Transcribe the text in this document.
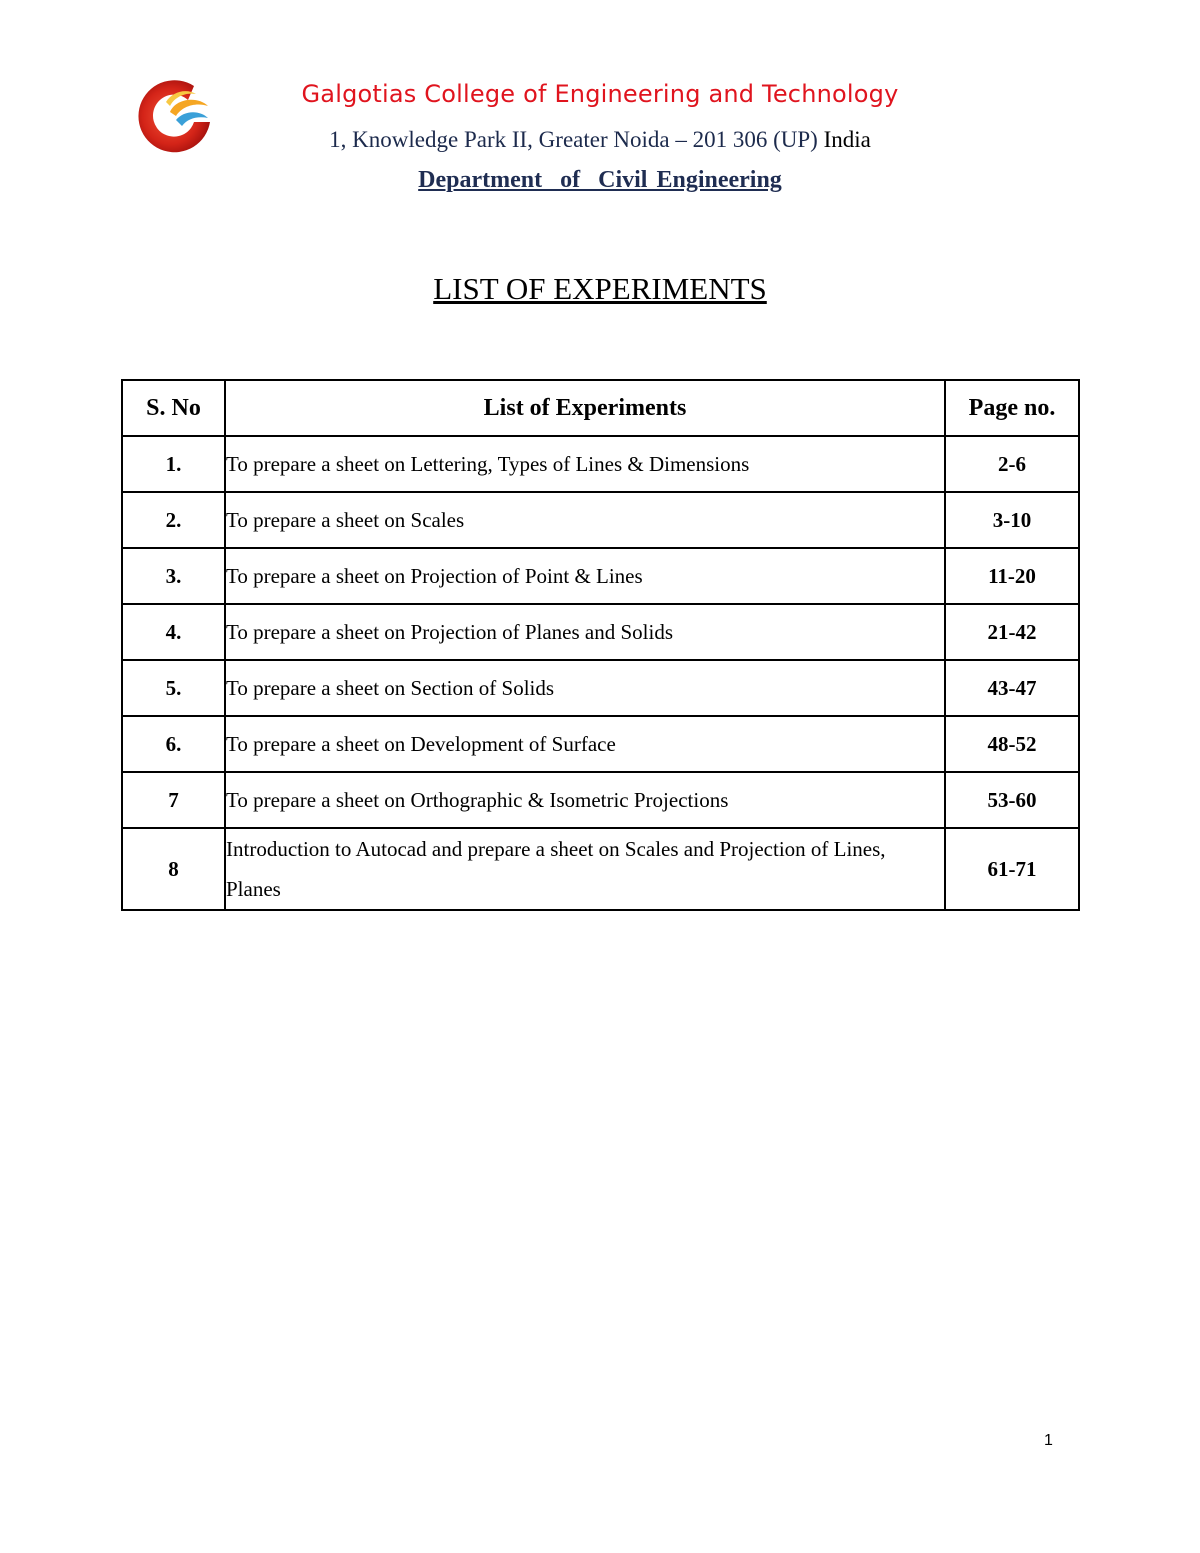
Galgotias College of Engineering and Technology
1, Knowledge Park II, Greater Noida – 201 306 (UP) India
Department  of  Civil Engineering
LIST OF EXPERIMENTS
S. No	List of Experiments	Page no.
1.	To prepare a sheet on Lettering, Types of Lines & Dimensions	2-6
2.	To prepare a sheet on Scales	3-10
3.	To prepare a sheet on Projection of Point & Lines	11-20
4.	To prepare a sheet on Projection of Planes and Solids	21-42
5.	To prepare a sheet on Section of Solids	43-47
6.	To prepare a sheet on Development of Surface	48-52
7	To prepare a sheet on Orthographic & Isometric Projections	53-60
8	Introduction to Autocad and prepare a sheet on Scales and Projection of Lines, Planes	61-71
1
